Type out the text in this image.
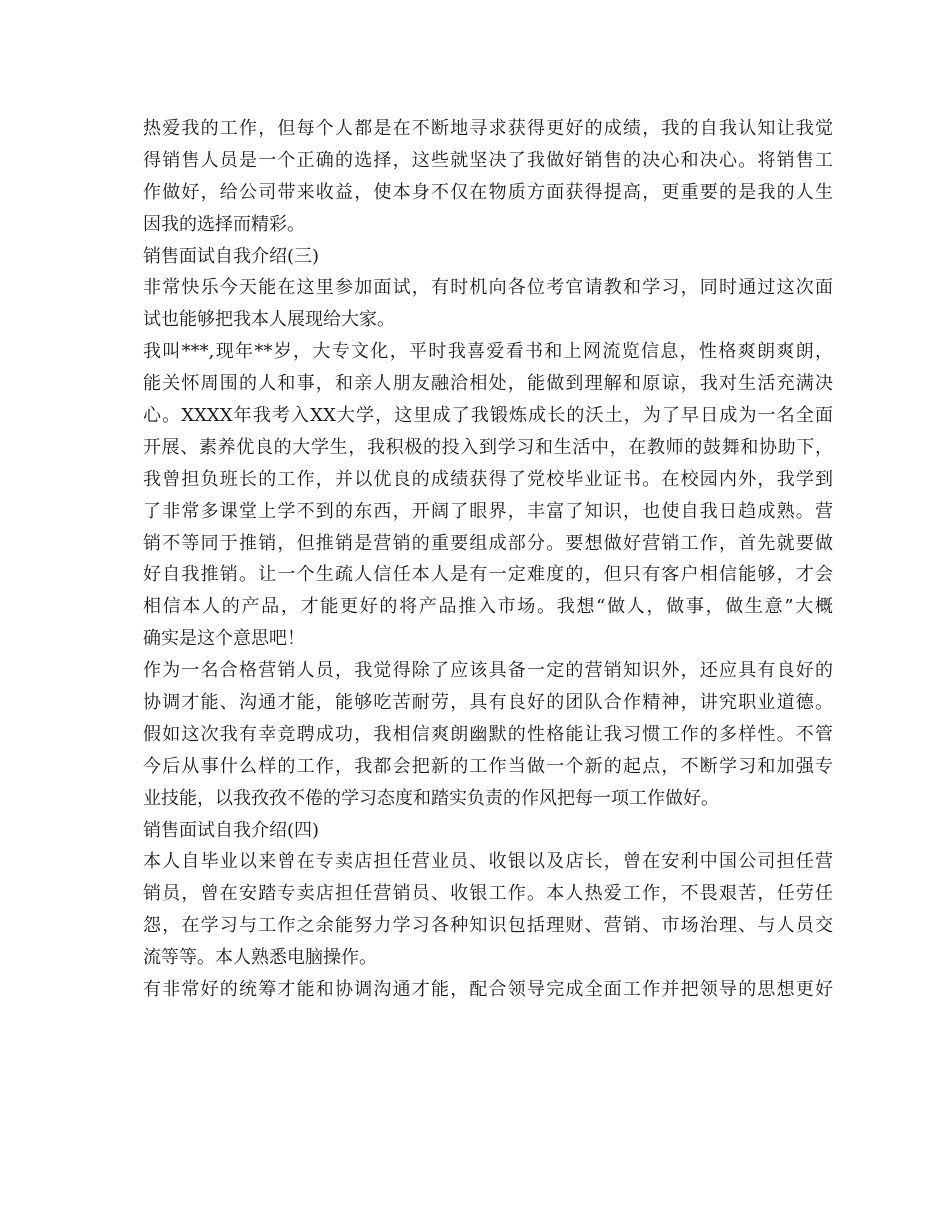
热爱我的工作，但每个人都是在不断地寻求获得更好的成绩，我的自我认知让我觉
得销售人员是一个正确的选择，这些就坚决了我做好销售的决心和决心。将销售工
作做好，给公司带来收益，使本身不仅在物质方面获得提高，更重要的是我的人生
因我的选择而精彩。
销售面试自我介绍(三)
非常快乐今天能在这里参加面试，有时机向各位考官请教和学习，同时通过这次面
试也能够把我本人展现给大家。
我叫***,现年**岁，大专文化，平时我喜爱看书和上网流览信息，性格爽朗爽朗，
能关怀周围的人和事，和亲人朋友融洽相处，能做到理解和原谅，我对生活充满决
心。XXXX年我考入XX大学，这里成了我锻炼成长的沃土，为了早日成为一名全面
开展、素养优良的大学生，我积极的投入到学习和生活中，在教师的鼓舞和协助下，
我曾担负班长的工作，并以优良的成绩获得了党校毕业证书。在校园内外，我学到
了非常多课堂上学不到的东西，开阔了眼界，丰富了知识，也使自我日趋成熟。营
销不等同于推销，但推销是营销的重要组成部分。要想做好营销工作，首先就要做
好自我推销。让一个生疏人信任本人是有一定难度的，但只有客户相信能够，才会
相信本人的产品，才能更好的将产品推入市场。我想“做人，做事，做生意”大概
确实是这个意思吧！
作为一名合格营销人员，我觉得除了应该具备一定的营销知识外，还应具有良好的
协调才能、沟通才能，能够吃苦耐劳，具有良好的团队合作精神，讲究职业道德。
假如这次我有幸竞聘成功，我相信爽朗幽默的性格能让我习惯工作的多样性。不管
今后从事什么样的工作，我都会把新的工作当做一个新的起点，不断学习和加强专
业技能，以我孜孜不倦的学习态度和踏实负责的作风把每一项工作做好。
销售面试自我介绍(四)
本人自毕业以来曾在专卖店担任营业员、收银以及店长，曾在安利中国公司担任营
销员，曾在安踏专卖店担任营销员、收银工作。本人热爱工作，不畏艰苦，任劳任
怨，在学习与工作之余能努力学习各种知识包括理财、营销、市场治理、与人员交
流等等。本人熟悉电脑操作。
有非常好的统筹才能和协调沟通才能，配合领导完成全面工作并把领导的思想更好
